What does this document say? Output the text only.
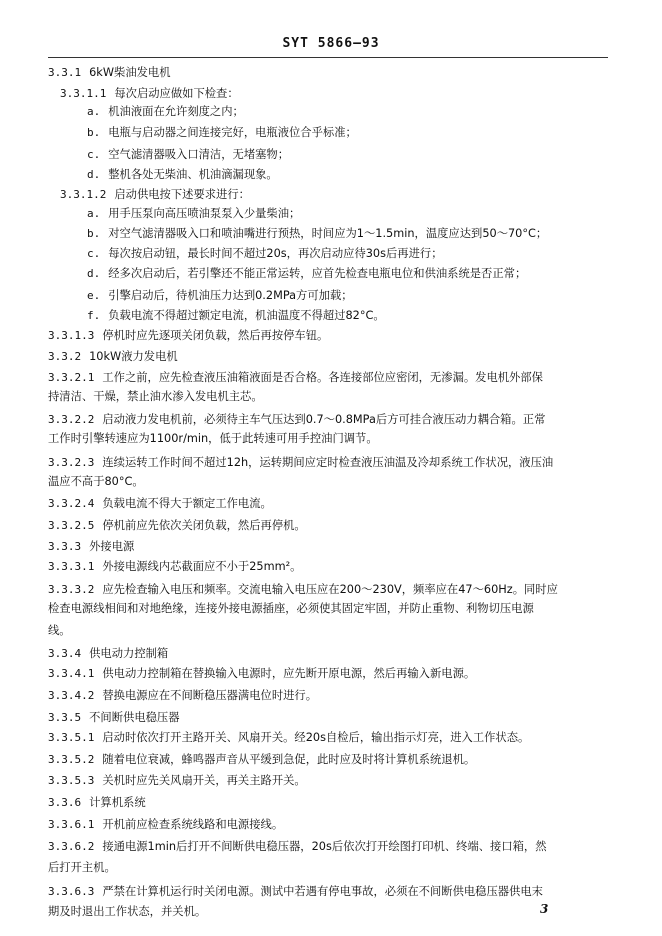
SYT 5866—93
3.3.1 6kW柴油发电机
3.3.1.1 每次启动应做如下检查：
a. 机油液面在允许刻度之内；
b. 电瓶与启动器之间连接完好，电瓶液位合乎标准；
c. 空气滤清器吸入口清洁，无堵塞物；
d. 整机各处无柴油、机油滴漏现象。
3.3.1.2 启动供电按下述要求进行：
a. 用手压泵向高压喷油泵泵入少量柴油；
b. 对空气滤清器吸入口和喷油嘴进行预热，时间应为1～1.5min，温度应达到50～70°C；
c. 每次按启动钮，最长时间不超过20s，再次启动应待30s后再进行；
d. 经多次启动后，若引擎还不能正常运转，应首先检查电瓶电位和供油系统是否正常；
e. 引擎启动后，待机油压力达到0.2MPa方可加载；
f. 负载电流不得超过额定电流，机油温度不得超过82°C。
3.3.1.3 停机时应先逐项关闭负载，然后再按停车钮。
3.3.2 10kW液力发电机
3.3.2.1 工作之前，应先检查液压油箱液面是否合格。各连接部位应密闭，无渗漏。发电机外部保
持清洁、干燥，禁止油水渗入发电机主芯。
3.3.2.2 启动液力发电机前，必须待主车气压达到0.7～0.8MPa后方可挂合液压动力耦合箱。正常
工作时引擎转速应为1100r/min，低于此转速可用手控油门调节。
3.3.2.3 连续运转工作时间不超过12h，运转期间应定时检查液压油温及冷却系统工作状况，液压油
温应不高于80°C。
3.3.2.4 负载电流不得大于额定工作电流。
3.3.2.5 停机前应先依次关闭负载，然后再停机。
3.3.3 外接电源
3.3.3.1 外接电源线内芯截面应不小于25mm²。
3.3.3.2 应先检查输入电压和频率。交流电输入电压应在200～230V，频率应在47～60Hz。同时应
检查电源线相间和对地绝缘，连接外接电源插座，必须使其固定牢固，并防止重物、利物切压电源
线。
3.3.4 供电动力控制箱
3.3.4.1 供电动力控制箱在替换输入电源时，应先断开原电源，然后再输入新电源。
3.3.4.2 替换电源应在不间断稳压器满电位时进行。
3.3.5 不间断供电稳压器
3.3.5.1 启动时依次打开主路开关、风扇开关。经20s自检后，输出指示灯亮，进入工作状态。
3.3.5.2 随着电位衰减，蜂鸣器声音从平缓到急促，此时应及时将计算机系统退机。
3.3.5.3 关机时应先关风扇开关，再关主路开关。
3.3.6 计算机系统
3.3.6.1 开机前应检查系统线路和电源接线。
3.3.6.2 接通电源1min后打开不间断供电稳压器，20s后依次打开绘图打印机、终端、接口箱，然
后打开主机。
3.3.6.3 严禁在计算机运行时关闭电源。测试中若遇有停电事故，必须在不间断供电稳压器供电末
期及时退出工作状态，并关机。	3
